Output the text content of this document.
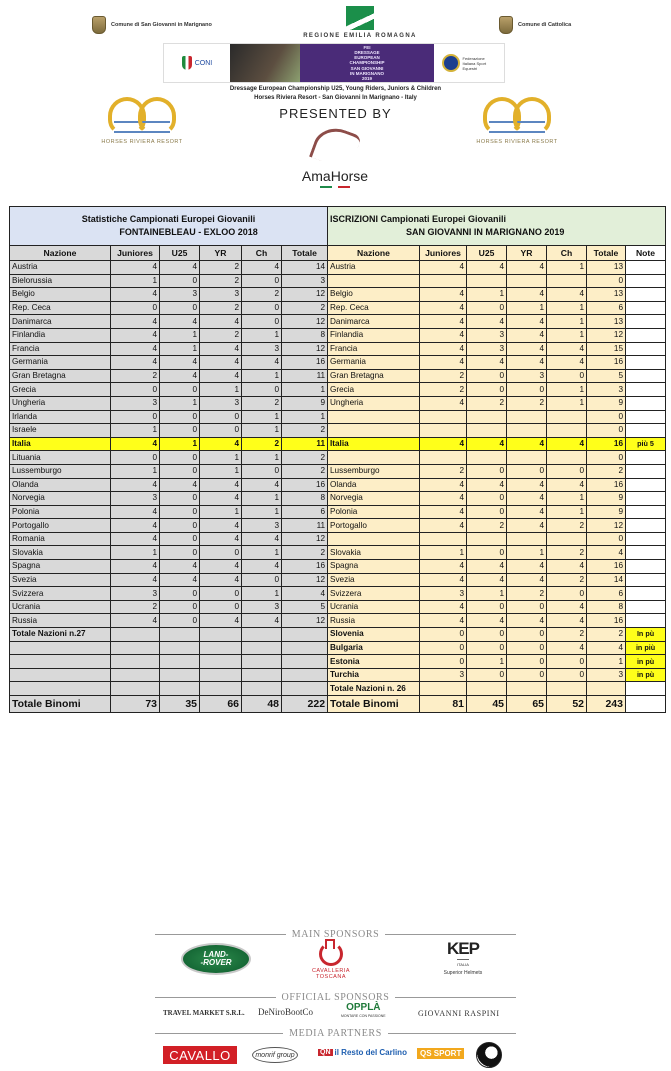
Comune di San Giovanni in Marignano
REGIONE EMILIA ROMAGNA
Comune di Cattolica
CONI
FEI
DRESSAGE
EUROPEAN
CHAMPIONSHIP
SAN GIOVANNI
IN MARIGNANO
2019
Federazione Italiana Sport Equestri
Dressage European Championship U25, Young Riders, Juniors & Children
Horses Riviera Resort - San Giovanni In Marignano - Italy
PRESENTED BY
HORSES RIVIERA RESORT	HORSES RIVIERA RESORT
AmaHorse
Statistiche Campionati Europei Giovanili
FONTAINEBLEAU - EXLOO 2018					

Nazione	Juniores	U25	YR	Ch	Totale
Austria	4	4	2	4	14
Bielorussia	1	0	2	0	3
Belgio	4	3	3	2	12
Rep. Ceca	0	0	2	0	2
Danimarca	4	4	4	0	12
Finlandia	4	1	2	1	8
Francia	4	1	4	3	12
Germania	4	4	4	4	16
Gran Bretagna	2	4	4	1	11
Grecia	0	0	1	0	1
Ungheria	3	1	3	2	9
Irlanda	0	0	0	1	1
Israele	1	0	0	1	2
Italia	4	1	4	2	11
Lituania	0	0	1	1	2
Lussemburgo	1	0	1	0	2
Olanda	4	4	4	4	16
Norvegia	3	0	4	1	8
Polonia	4	0	1	1	6
Portogallo	4	0	4	3	11
Romania	4	0	4	4	12
Slovakia	1	0	0	1	2
Spagna	4	4	4	4	16
Svezia	4	4	4	0	12
Svizzera	3	0	0	1	4
Ucrania	2	0	0	3	5
Russia	4	0	4	4	12
Totale Nazioni n.27					

Totale Binomi	73	35	66	48	222
ISCRIZIONI Campionati Europei Giovanili
SAN GIOVANNI IN MARIGNANO 2019						

Nazione	Juniores	U25	YR	Ch	Totale	Note
Austria	4	4	4	1	13	
					0	
Belgio	4	1	4	4	13	
Rep. Ceca	4	0	1	1	6	
Danimarca	4	4	4	1	13	
Finlandia	4	3	4	1	12	
Francia	4	3	4	4	15	
Germania	4	4	4	4	16	
Gran Bretagna	2	0	3	0	5	
Grecia	2	0	0	1	3	
Ungheria	4	2	2	1	9	
					0	
					0	
Italia	4	4	4	4	16	più 5
					0	
Lussemburgo	2	0	0	0	2	
Olanda	4	4	4	4	16	
Norvegia	4	0	4	1	9	
Polonia	4	0	4	1	9	
Portogallo	4	2	4	2	12	
					0	
Slovakia	1	0	1	2	4	
Spagna	4	4	4	4	16	
Svezia	4	4	4	2	14	
Svizzera	3	1	2	0	6	
Ucrania	4	0	0	4	8	
Russia	4	4	4	4	16	
Slovenia	0	0	0	2	2	In pù
Bulgaria	0	0	0	4	4	in più
Estonia	0	1	0	0	1	in pù
Turchia	3	0	0	0	3	in pù
Totale Nazioni n. 26						
Totale Binomi	81	45	65	52	243	
MAIN SPONSORS
LAND-
-ROVER
CAVALLERIA
TOSCANA
KEP
ITALIA
Superior Helmets
OFFICIAL SPONSORS
TRAVEL MARKET S.R.L. DeNiroBootCo	OPPLÀ
MONTARE CON PASSIONE	GIOVANNI RASPINI
MEDIA PARTNERS
CAVALLO	monrif group	QN il Resto del Carlino	QS SPORT
